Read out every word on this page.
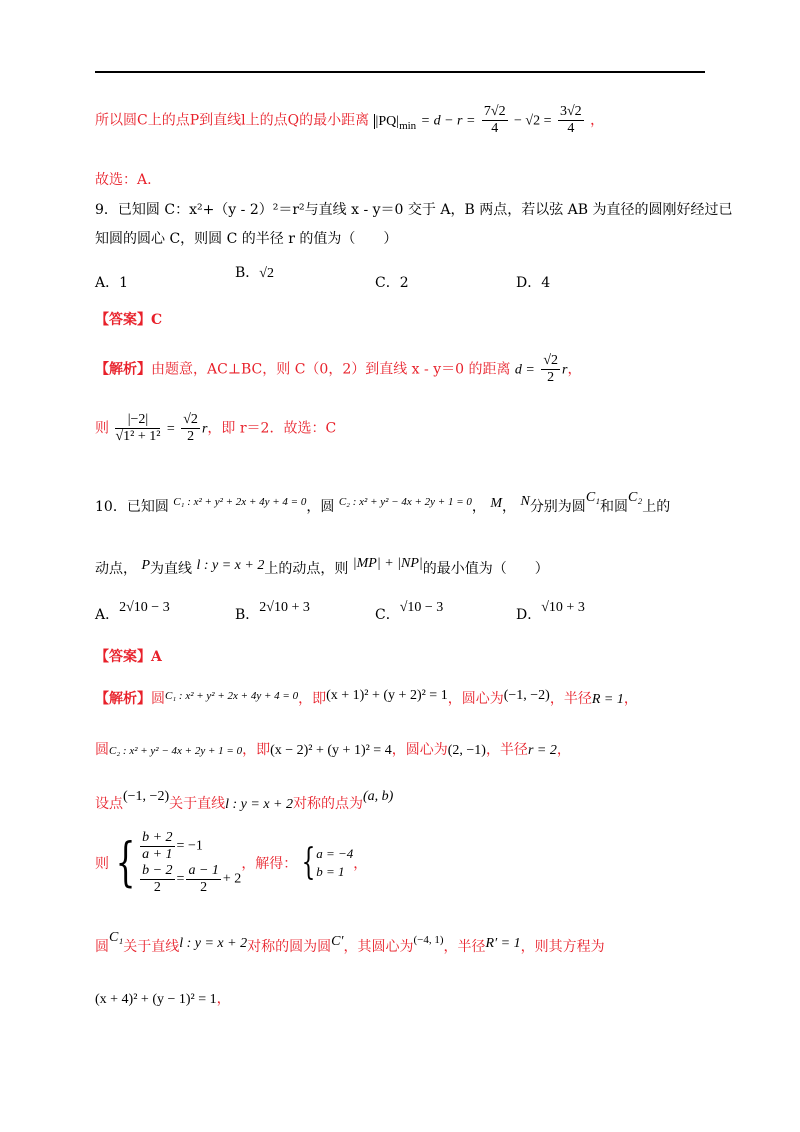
所以圆C上的点P到直线l上的点Q的最小距离 $|PQ|_{min} = d - r = \frac{7√2}{4} - √2 = \frac{3√2}{4}$ ，
故选：A.
9．已知圆 C：x²+（y - 2）²＝r²与直线 x - y＝0 交于 A，B 两点，若以弦 AB 为直径的圆刚好经过已
知圆的圆心 C，则圆 C 的半径 r 的值为（　　）
A．1
B．√2
C．2	D．4
【答案】C
【解析】由题意，AC⊥BC，则 C（0，2）到直线 x - y＝0 的距离 $d = \frac{√2}{2}$ r，
则 $\frac{|-2|}{\text{√1² + 1²}} = \frac{√2}{2}$ r，即 r＝2．故选：C
10．已知圆 $^{C_1 : x^2 + y^2 + 2x + 4y + 4 = 0}$，圆 $^{C_2 : x^2 + y^2 - 4x + 2y + 1 = 0}$， M， N分别为圆C₁和圆C₂上的
动点， P为直线 l : y = x + 2上的动点，则 |MP| + |NP|的最小值为（　　）
A．2√10 − 3	B．2√10 + 3	C．√10 − 3	D．√10 + 3
【答案】A
【解析】圆$^{C_1 : x^2 + y^2 + 2x + 4y + 4 = 0}$，即(x + 1)² + (y + 2)² = 1，圆心为(−1, −2)，半径R = 1，
圆C₂ : x² + y² − 4x + 2y + 1 = 0，即(x − 2)² + (y + 1)² = 4，圆心为(2, −1)，半径r = 2，
设点(−1, −2)关于直线l : y = x + 2对称的点为(a, b)
则 { $\frac{b + 2}{a + 1} = -1$
$\frac{b - 2}{2} = \frac{a - 1}{2} + 2$
，解得： { a = −4
b = 1 ，
圆C₁关于直线l : y = x + 2对称的圆为圆C′，其圆心为$^{(-4, 1)}$，半径R′ = 1，则其方程为
(x + 4)² + (y − 1)² = 1，
